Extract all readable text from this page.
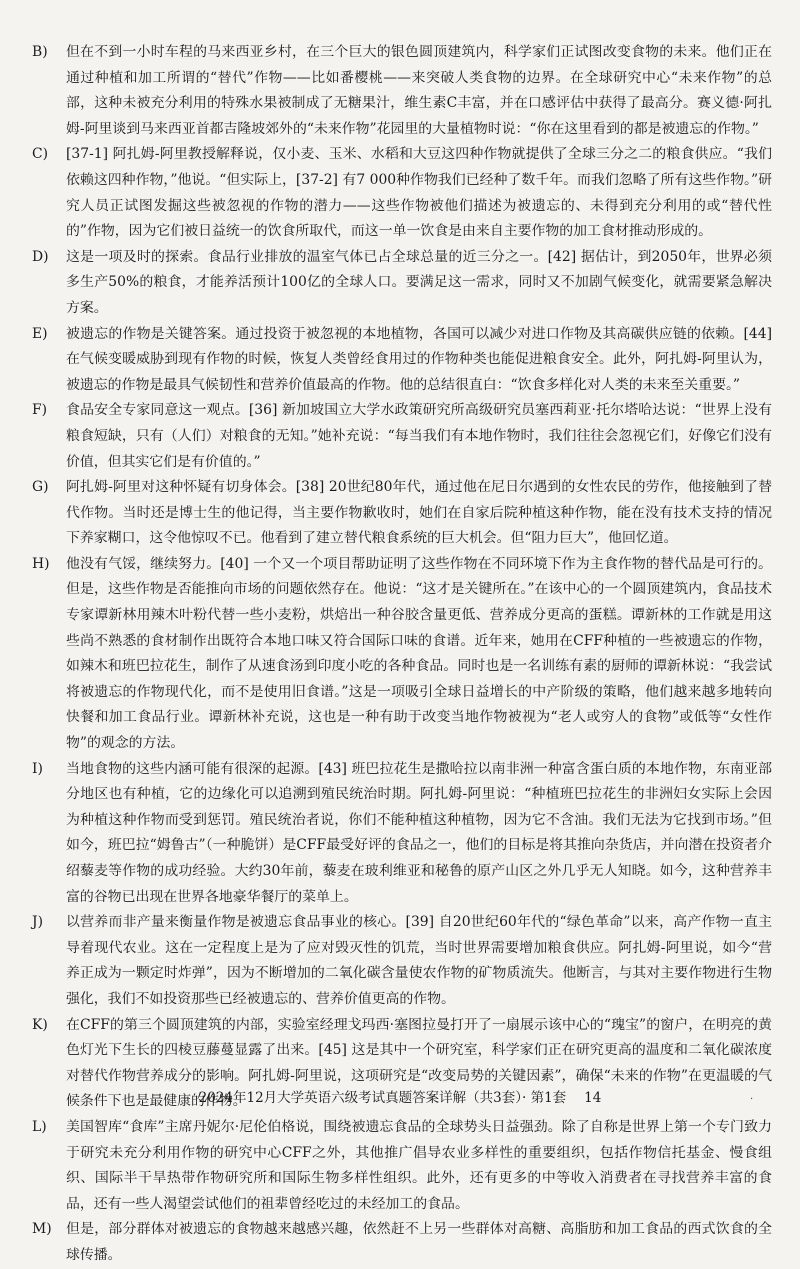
B) 但在不到一小时车程的马来西亚乡村，在三个巨大的银色圆顶建筑内，科学家们正试图改变食物的未来。他们正在通过种植和加工所谓的“替代”作物——比如番樱桃——来突破人类食物的边界。在全球研究中心“未来作物”的总部，这种未被充分利用的特殊水果被制成了无糖果汁，维生素C丰富，并在口感评估中获得了最高分。赛义德·阿扎姆-阿里谈到马来西亚首都吉隆坡郊外的“未来作物”花园里的大量植物时说：“你在这里看到的都是被遗忘的作物。”
C) [37-1] 阿扎姆-阿里教授解释说，仅小麦、玉米、水稻和大豆这四种作物就提供了全球三分之二的粮食供应。“我们依赖这四种作物，”他说。“但实际上，[37-2] 有7 000种作物我们已经种了数千年。而我们忽略了所有这些作物。”研究人员正试图发掘这些被忽视的作物的潜力——这些作物被他们描述为被遗忘的、未得到充分利用的或“替代性的”作物，因为它们被日益统一的饮食所取代，而这一单一饮食是由来自主要作物的加工食材推动形成的。
D) 这是一项及时的探索。食品行业排放的温室气体已占全球总量的近三分之一。[42] 据估计，到2050年，世界必须多生产50%的粮食，才能养活预计100亿的全球人口。要满足这一需求，同时又不加剧气候变化，就需要紧急解决方案。
E) 被遗忘的作物是关键答案。通过投资于被忽视的本地植物，各国可以减少对进口作物及其高碳供应链的依赖。[44] 在气候变暖威胁到现有作物的时候，恢复人类曾经食用过的作物种类也能促进粮食安全。此外，阿扎姆-阿里认为，被遗忘的作物是最具气候韧性和营养价值最高的作物。他的总结很直白：“饮食多样化对人类的未来至关重要。”
F) 食品安全专家同意这一观点。[36] 新加坡国立大学水政策研究所高级研究员塞西莉亚·托尔塔哈达说：“世界上没有粮食短缺，只有（人们）对粮食的无知。”她补充说：“每当我们有本地作物时，我们往往会忽视它们，好像它们没有价值，但其实它们是有价值的。”
G) 阿扎姆-阿里对这种怀疑有切身体会。[38] 20世纪80年代，通过他在尼日尔遇到的女性农民的劳作，他接触到了替代作物。当时还是博士生的他记得，当主要作物歉收时，她们在自家后院种植这种作物，能在没有技术支持的情况下养家糊口，这令他惊叹不已。他看到了建立替代粮食系统的巨大机会。但“阻力巨大”，他回忆道。
H) 他没有气馁，继续努力。[40] 一个又一个项目帮助证明了这些作物在不同环境下作为主食作物的替代品是可行的。但是，这些作物是否能推向市场的问题依然存在。他说：“这才是关键所在。”在该中心的一个圆顶建筑内，食品技术专家谭新林用辣木叶粉代替一些小麦粉，烘焙出一种谷胶含量更低、营养成分更高的蛋糕。谭新林的工作就是用这些尚不熟悉的食材制作出既符合本地口味又符合国际口味的食谱。近年来，她用在CFF种植的一些被遗忘的作物，如辣木和班巴拉花生，制作了从速食汤到印度小吃的各种食品。同时也是一名训练有素的厨师的谭新林说：“我尝试将被遗忘的作物现代化，而不是使用旧食谱。”这是一项吸引全球日益增长的中产阶级的策略，他们越来越多地转向快餐和加工食品行业。谭新林补充说，这也是一种有助于改变当地作物被视为“老人或穷人的食物”或低等“女性作物”的观念的方法。
I) 当地食物的这些内涵可能有很深的起源。[43] 班巴拉花生是撒哈拉以南非洲一种富含蛋白质的本地作物，东南亚部分地区也有种植，它的边缘化可以追溯到殖民统治时期。阿扎姆-阿里说：“种植班巴拉花生的非洲妇女实际上会因为种植这种作物而受到惩罚。殖民统治者说，你们不能种植这种植物，因为它不含油。我们无法为它找到市场。”但如今，班巴拉“姆鲁古”（一种脆饼）是CFF最受好评的食品之一，他们的目标是将其推向杂货店，并向潜在投资者介绍藜麦等作物的成功经验。大约30年前，藜麦在玻利维亚和秘鲁的原产山区之外几乎无人知晓。如今，这种营养丰富的谷物已出现在世界各地豪华餐厅的菜单上。
J) 以营养而非产量来衡量作物是被遗忘食品事业的核心。[39] 自20世纪60年代的“绿色革命”以来，高产作物一直主导着现代农业。这在一定程度上是为了应对毁灭性的饥荒，当时世界需要增加粮食供应。阿扎姆-阿里说，如今“营养正成为一颗定时炸弹”，因为不断增加的二氧化碳含量使农作物的矿物质流失。他断言，与其对主要作物进行生物强化，我们不如投资那些已经被遗忘的、营养价值更高的作物。
K) 在CFF的第三个圆顶建筑的内部，实验室经理戈玛西·塞图拉曼打开了一扇展示该中心的“瑰宝”的窗户，在明亮的黄色灯光下生长的四棱豆藤蔓显露了出来。[45] 这是其中一个研究室，科学家们正在研究更高的温度和二氧化碳浓度对替代作物营养成分的影响。阿扎姆-阿里说，这项研究是“改变局势的关键因素”，确保“未来的作物”在更温暖的气候条件下也是最健康的作物。
L) 美国智库“食库”主席丹妮尔·尼伦伯格说，围绕被遗忘食品的全球势头日益强劲。除了自称是世界上第一个专门致力于研究未充分利用作物的研究中心CFF之外，其他推广倡导农业多样性的重要组织，包括作物信托基金、慢食组织、国际半干旱热带作物研究所和国际生物多样性组织。此外，还有更多的中等收入消费者在寻找营养丰富的食品，还有一些人渴望尝试他们的祖辈曾经吃过的未经加工的食品。
M) 但是，部分群体对被遗忘的食物越来越感兴趣，依然赶不上另一些群体对高糖、高脂肪和加工食品的西式饮食的全球传播。
2024年12月大学英语六级考试真题答案详解（共3套）· 第1套 14	·
